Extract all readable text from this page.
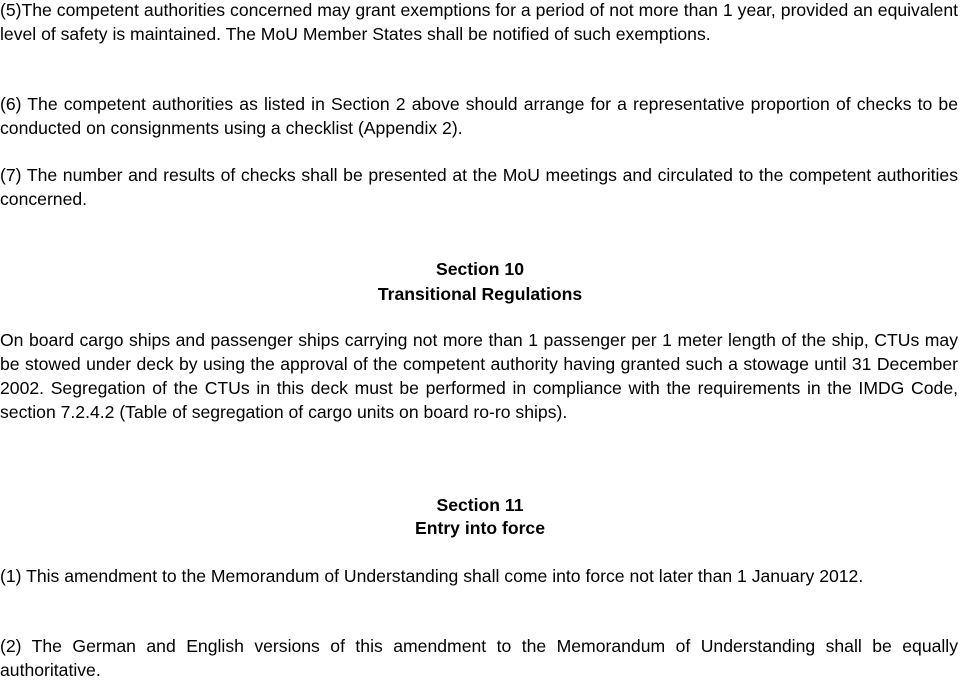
(5)The competent authorities concerned may grant exemptions for a period of not more than 1 year, provided an equivalent level of safety is maintained. The MoU Member States shall be notified of such exemptions.

(6) The competent authorities as listed in Section 2 above should arrange for a representative proportion of checks to be conducted on consignments using a checklist (Appendix 2).

(7) The number and results of checks shall be presented at the MoU meetings and circulated to the competent authorities concerned.

Section 10

Transitional Regulations

On board cargo ships and passenger ships carrying not more than 1 passenger per 1 meter length of the ship, CTUs may be stowed under deck by using the approval of the competent authority having granted such a stowage until 31 December 2002. Segregation of the CTUs in this deck must be performed in compliance with the requirements in the IMDG Code, section 7.2.4.2 (Table of segregation of cargo units on board ro-ro ships).

Section 11

Entry into force

(1) This amendment to the Memorandum of Understanding shall come into force not later than 1 January 2012.

(2) The German and English versions of this amendment to the Memorandum of Understanding shall be equally authoritative.
